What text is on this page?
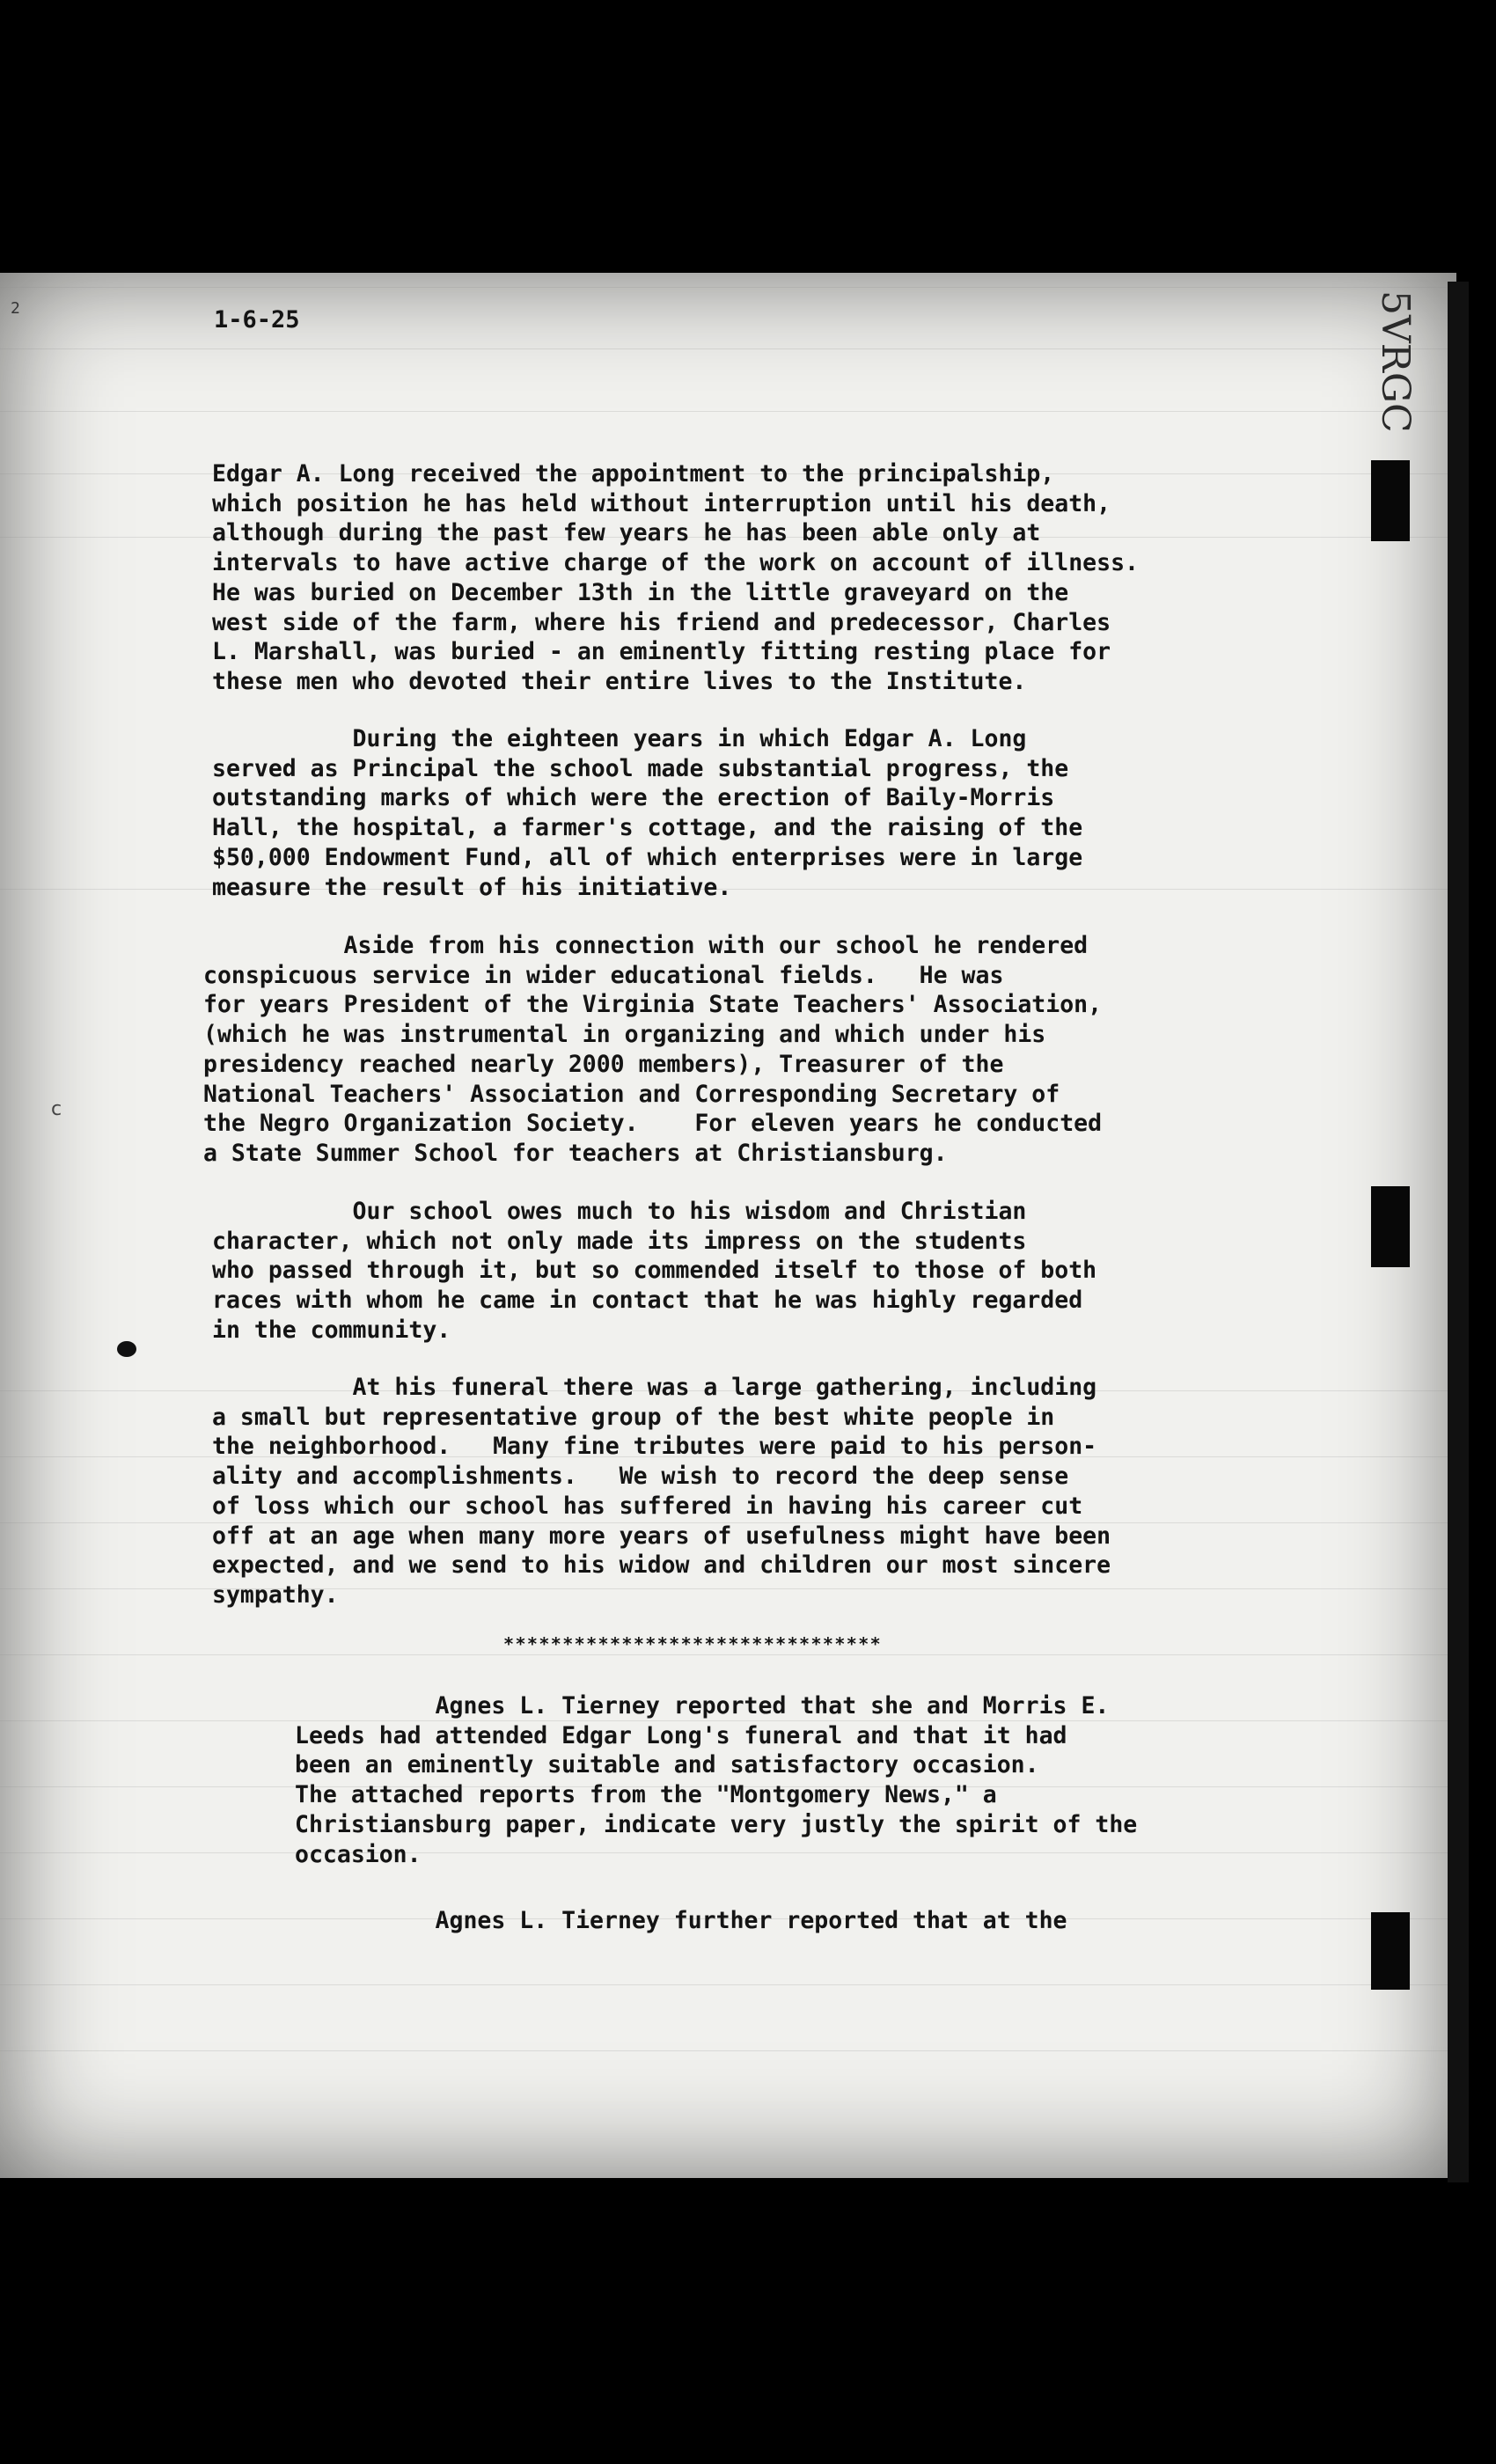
5VRGC
2
c
1-6-25
Edgar A. Long received the appointment to the principalship,
which position he has held without interruption until his death,
although during the past few years he has been able only at
intervals to have active charge of the work on account of illness.
He was buried on December 13th in the little graveyard on the
west side of the farm, where his friend and predecessor, Charles
L. Marshall, was buried - an eminently fitting resting place for
these men who devoted their entire lives to the Institute.
During the eighteen years in which Edgar A. Long
served as Principal the school made substantial progress, the
outstanding marks of which were the erection of Baily-Morris
Hall, the hospital, a farmer's cottage, and the raising of the
$50,000 Endowment Fund, all of which enterprises were in large
measure the result of his initiative.
Aside from his connection with our school he rendered
conspicuous service in wider educational fields.   He was
for years President of the Virginia State Teachers' Association,
(which he was instrumental in organizing and which under his
presidency reached nearly 2000 members), Treasurer of the
National Teachers' Association and Corresponding Secretary of
the Negro Organization Society.    For eleven years he conducted
a State Summer School for teachers at Christiansburg.
Our school owes much to his wisdom and Christian
character, which not only made its impress on the students
who passed through it, but so commended itself to those of both
races with whom he came in contact that he was highly regarded
in the community.
At his funeral there was a large gathering, including
a small but representative group of the best white people in
the neighborhood.   Many fine tributes were paid to his person-
ality and accomplishments.   We wish to record the deep sense
of loss which our school has suffered in having his career cut
off at an age when many more years of usefulness might have been
expected, and we send to his widow and children our most sincere
sympathy.
********************************
Agnes L. Tierney reported that she and Morris E.
Leeds had attended Edgar Long's funeral and that it had
been an eminently suitable and satisfactory occasion.
The attached reports from the "Montgomery News," a
Christiansburg paper, indicate very justly the spirit of the
occasion.
Agnes L. Tierney further reported that at the
